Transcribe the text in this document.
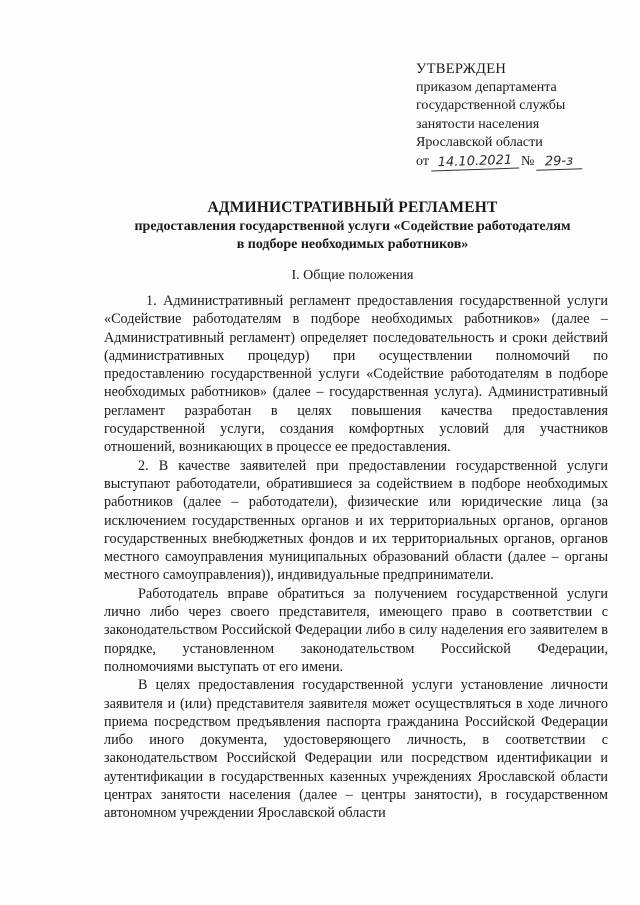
УТВЕРЖДЕН
приказом департамента
государственной службы
занятости населения
Ярославской области
от 14.10.2021 № 29-з
АДМИНИСТРАТИВНЫЙ РЕГЛАМЕНТ
предоставления государственной услуги «Содействие работодателям
в подборе необходимых работников»
I. Общие положения

1. Административный регламент предоставления государственной услуги «Содействие работодателям в подборе необходимых работников» (далее – Административный регламент) определяет последовательность и сроки действий (административных процедур) при осуществлении полномочий по предоставлению государственной услуги «Содействие работодателям в подборе необходимых работников» (далее – государственная услуга). Административный регламент разработан в целях повышения качества предоставления государственной услуги, создания комфортных условий для участников отношений, возникающих в процессе ее предоставления.

2. В качестве заявителей при предоставлении государственной услуги выступают работодатели, обратившиеся за содействием в подборе необходимых работников (далее – работодатели), физические или юридические лица (за исключением государственных органов и их территориальных органов, органов государственных внебюджетных фондов и их территориальных органов, органов местного самоуправления муниципальных образований области (далее – органы местного самоуправления)), индивидуальные предприниматели.

Работодатель вправе обратиться за получением государственной услуги лично либо через своего представителя, имеющего право в соответствии с законодательством Российской Федерации либо в силу наделения его заявителем в порядке, установленном законодательством Российской Федерации, полномочиями выступать от его имени.

В целях предоставления государственной услуги установление личности заявителя и (или) представителя заявителя может осуществляться в ходе личного приема посредством предъявления паспорта гражданина Российской Федерации либо иного документа, удостоверяющего личность, в соответствии с законодательством Российской Федерации или посредством идентификации и аутентификации в государственных казенных учреждениях Ярославской области центрах занятости населения (далее – центры занятости), в государственном автономном учреждении Ярославской области
